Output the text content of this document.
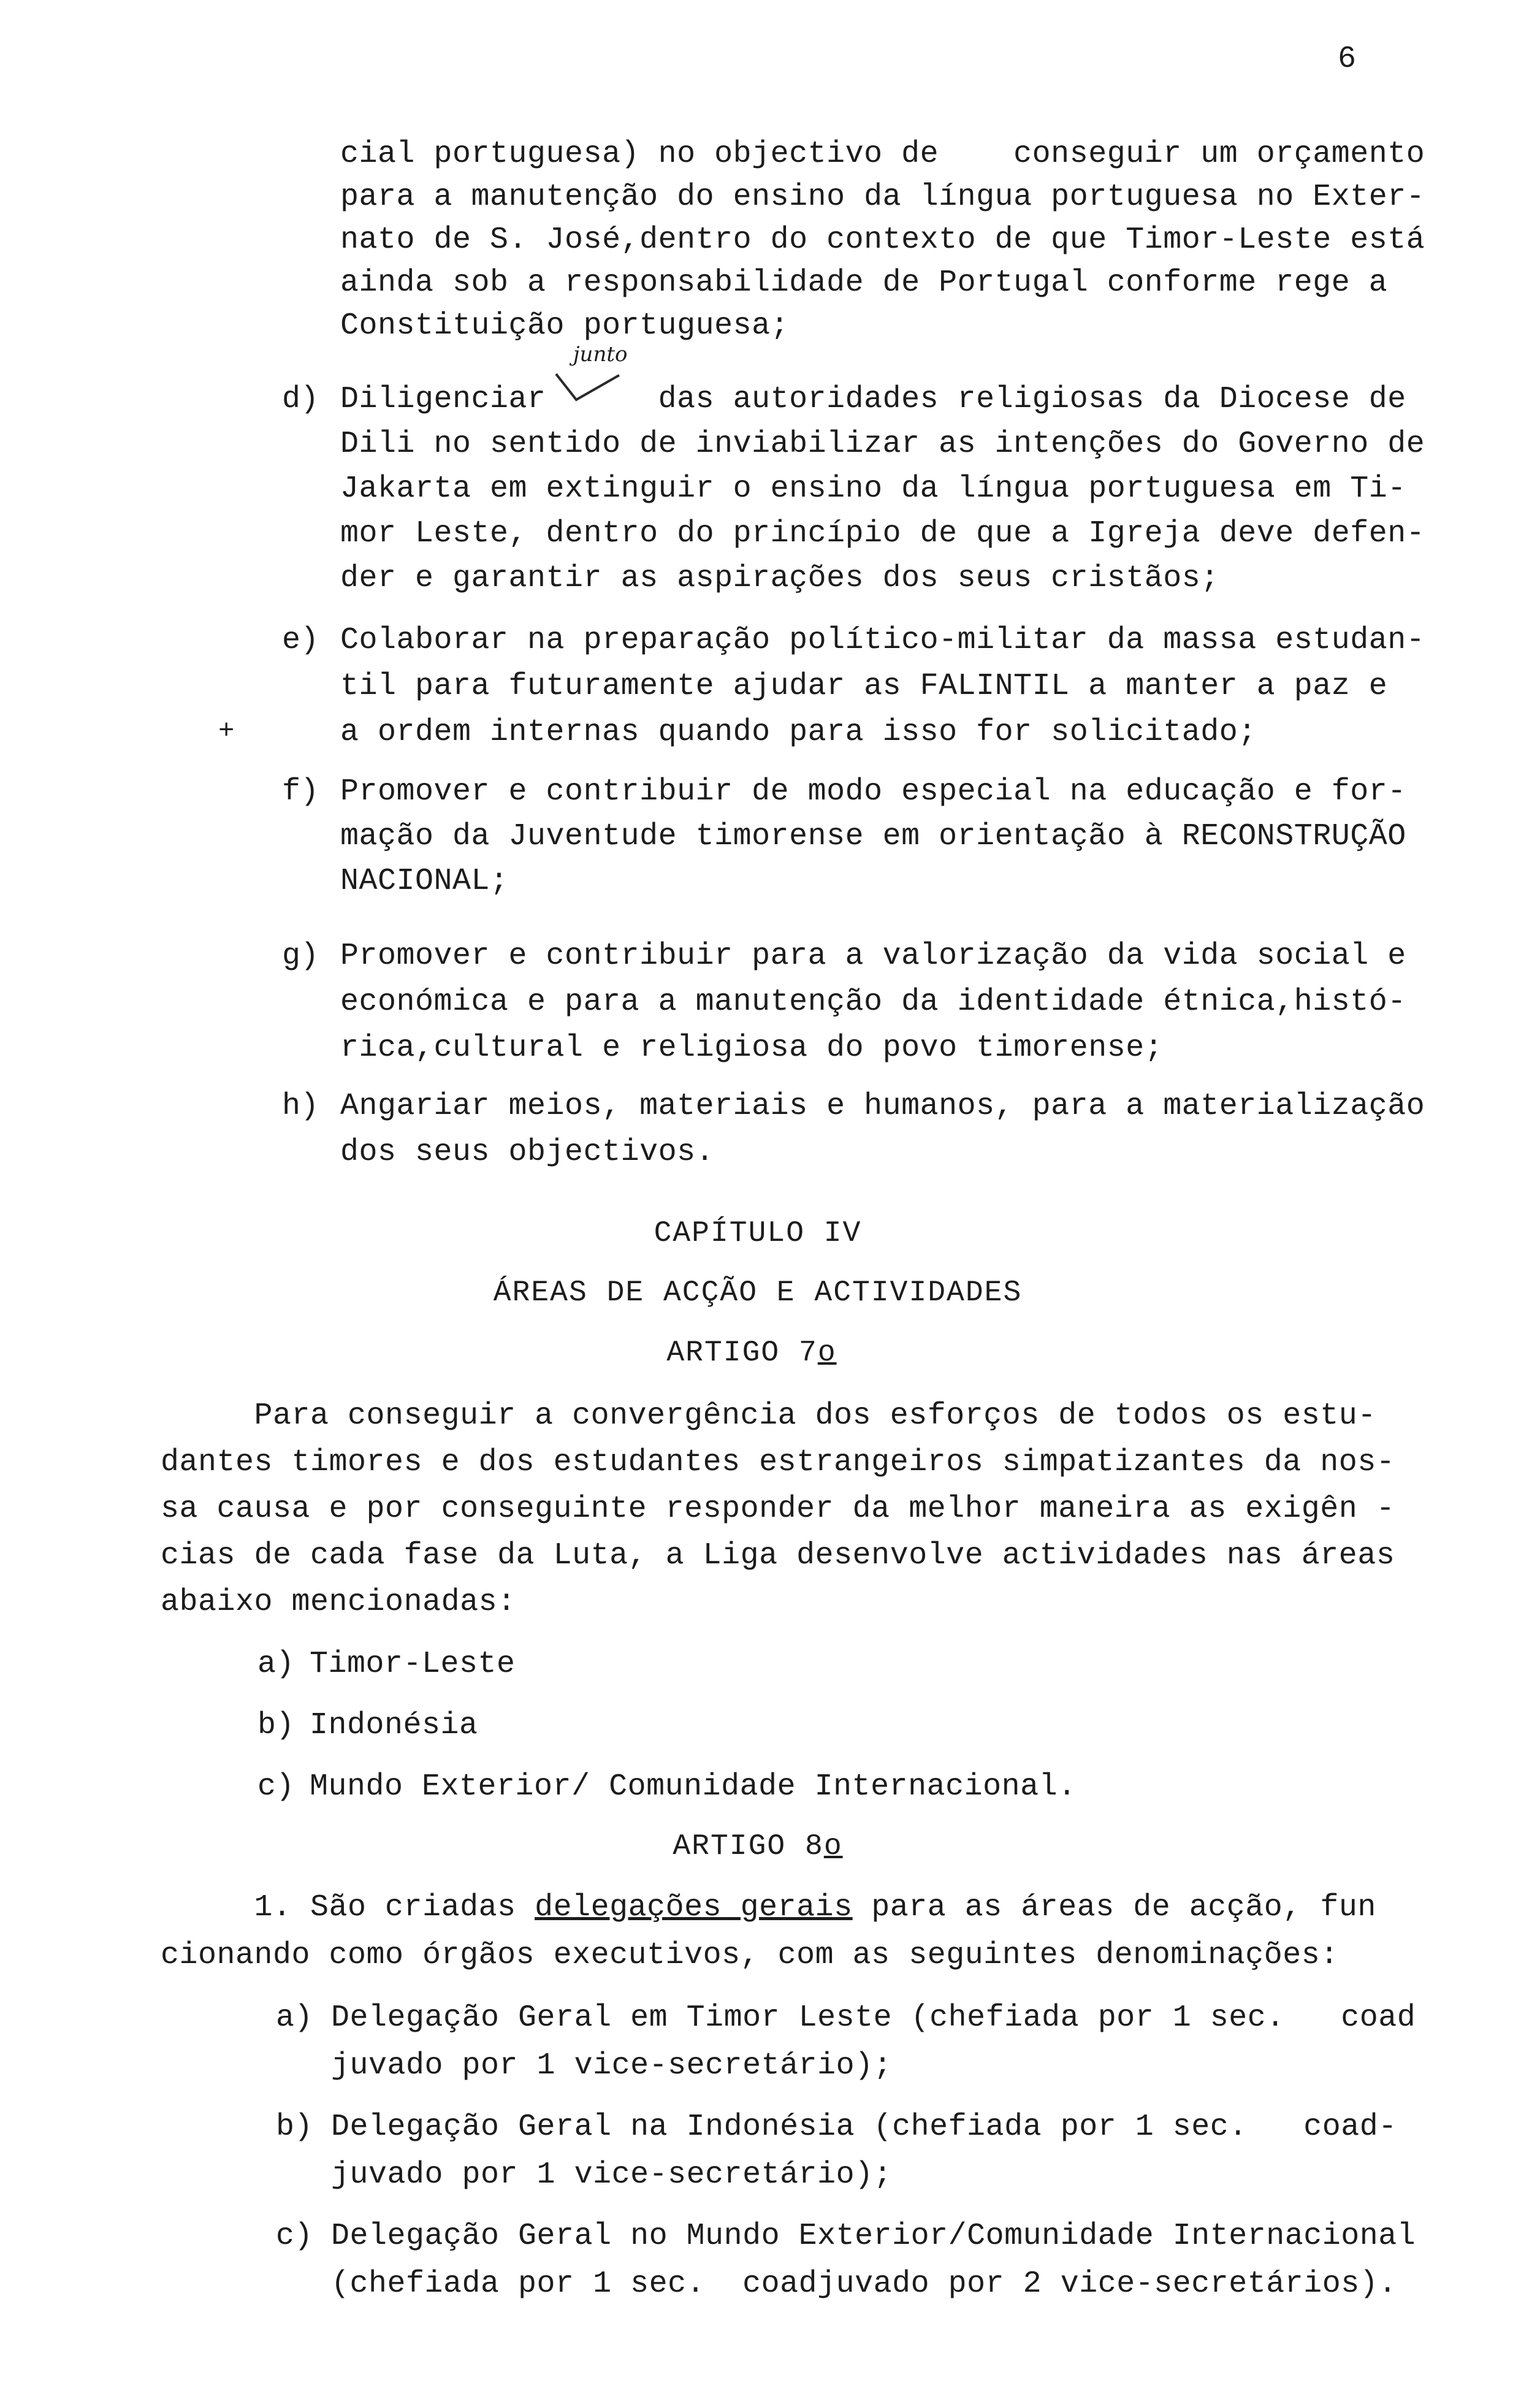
6
cial portuguesa) no objectivo de    conseguir um orçamento
para a manutenção do ensino da língua portuguesa no Exter-
nato de S. José,dentro do contexto de que Timor-Leste está
ainda sob a responsabilidade de Portugal conforme rege a
Constituição portuguesa;
d) Diligenciar      das autoridades religiosas da Diocese de
Dili no sentido de inviabilizar as intenções do Governo de
Jakarta em extinguir o ensino da língua portuguesa em Ti-
mor Leste, dentro do princípio de que a Igreja deve defen-
der e garantir as aspirações dos seus cristãos;
junto
e) Colaborar na preparação político-militar da massa estudan-
til para futuramente ajudar as FALINTIL a manter a paz e
a ordem internas quando para isso for solicitado;
+
f) Promover e contribuir de modo especial na educação e for-
mação da Juventude timorense em orientação à RECONSTRUÇÃO
NACIONAL;
g) Promover e contribuir para a valorização da vida social e
económica e para a manutenção da identidade étnica,histó-
rica,cultural e religiosa do povo timorense;
h) Angariar meios, materiais e humanos, para a materialização
dos seus objectivos.
CAPÍTULO IV
ÁREAS DE ACÇÃO E ACTIVIDADES
ARTIGO 7o
Para conseguir a convergência dos esforços de todos os estu-
dantes timores e dos estudantes estrangeiros simpatizantes da nos-
sa causa e por conseguinte responder da melhor maneira as exigên -
cias de cada fase da Luta, a Liga desenvolve actividades nas áreas
abaixo mencionadas:
a) Timor-Leste
b) Indonésia
c) Mundo Exterior/ Comunidade Internacional.
ARTIGO 8o
1. São criadas delegações gerais para as áreas de acção, fun
cionando como órgãos executivos, com as seguintes denominações:
a) Delegação Geral em Timor Leste (chefiada por 1 sec.   coad
juvado por 1 vice-secretário);
b) Delegação Geral na Indonésia (chefiada por 1 sec.   coad-
juvado por 1 vice-secretário);
c) Delegação Geral no Mundo Exterior/Comunidade Internacional
(chefiada por 1 sec.  coadjuvado por 2 vice-secretários).
